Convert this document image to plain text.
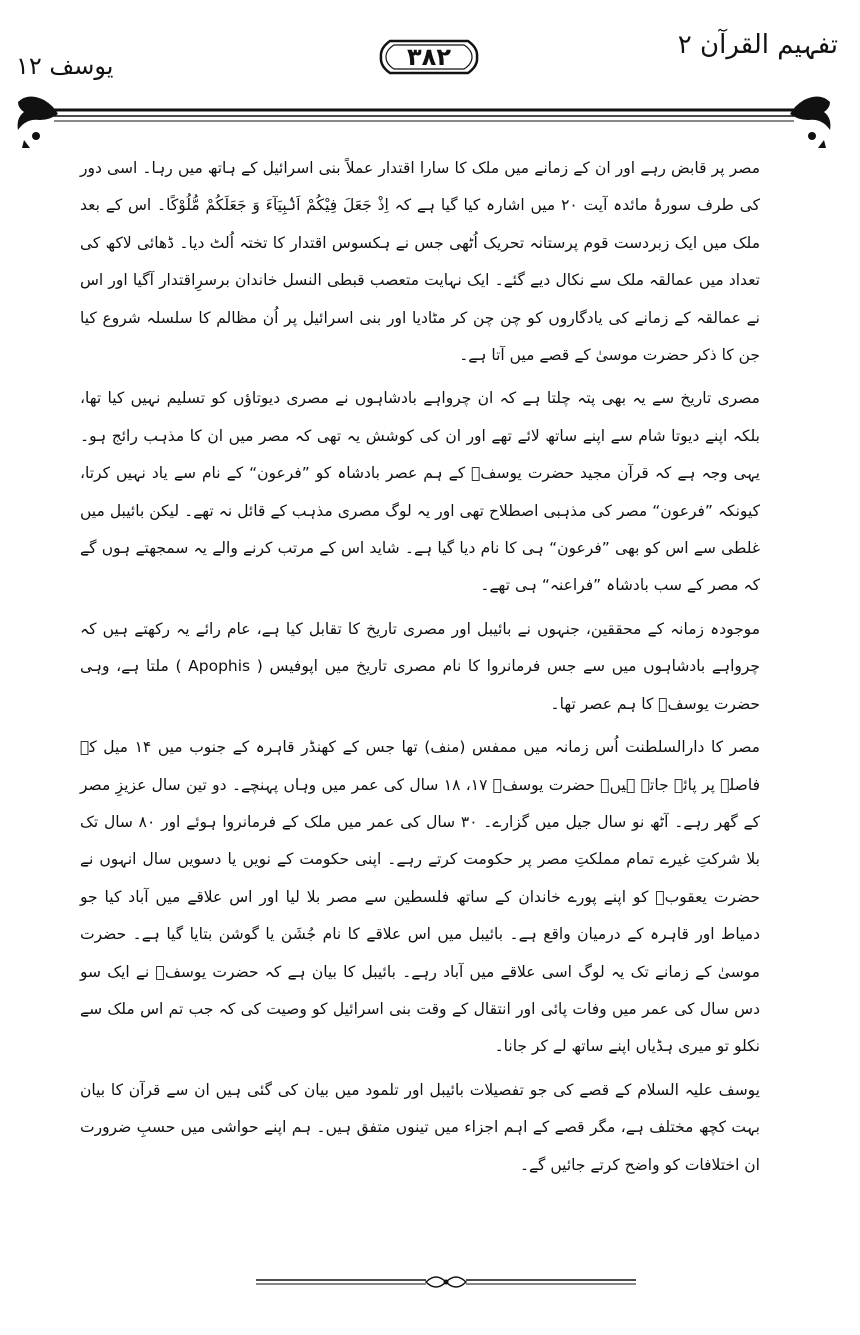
تفہیم القرآن ۲
یوسف ۱۲	۳۸۲

مصر پر قابض رہے اور ان کے زمانے میں ملک کا سارا اقتدار عملاً بنی اسرائیل کے ہاتھ میں رہا۔ اسی دور کی طرف سورۂ مائدہ آیت ۲۰ میں اشارہ کیا گیا ہے کہ اِذْ جَعَلَ فِیْكُمْ اَنْۢبِیَآءَ وَ جَعَلَكُمْ مُّلُوْكًا۔ اس کے بعد ملک میں ایک زبردست قوم پرستانہ تحریک اُٹھی جس نے ہکسوس اقتدار کا تختہ اُلٹ دیا۔ ڈھائی لاکھ کی تعداد میں عمالقہ ملک سے نکال دیے گئے۔ ایک نہایت متعصب قبطی النسل خاندان برسرِاقتدار آگیا اور اس نے عمالقہ کے زمانے کی یادگاروں کو چن چن کر مٹادیا اور بنی اسرائیل پر اُن مظالم کا سلسلہ شروع کیا جن کا ذکر حضرت موسیٰ کے قصے میں آتا ہے۔

مصری تاریخ سے یہ بھی پتہ چلتا ہے کہ ان چرواہے بادشاہوں نے مصری دیوتاؤں کو تسلیم نہیں کیا تھا، بلکہ اپنے دیوتا شام سے اپنے ساتھ لائے تھے اور ان کی کوشش یہ تھی کہ مصر میں ان کا مذہب رائج ہو۔ یہی وجہ ہے کہ قرآن مجید حضرت یوسفؑ کے ہم عصر بادشاہ کو ”فرعون“ کے نام سے یاد نہیں کرتا، کیونکہ ”فرعون“ مصر کی مذہبی اصطلاح تھی اور یہ لوگ مصری مذہب کے قائل نہ تھے۔ لیکن بائیبل میں غلطی سے اس کو بھی ”فرعون“ ہی کا نام دیا گیا ہے۔ شاید اس کے مرتب کرنے والے یہ سمجھتے ہوں گے کہ مصر کے سب بادشاہ ”فراعنہ“ ہی تھے۔

موجودہ زمانہ کے محققین، جنہوں نے بائیبل اور مصری تاریخ کا تقابل کیا ہے، عام رائے یہ رکھتے ہیں کہ چرواہے بادشاہوں میں سے جس فرمانروا کا نام مصری تاریخ میں اپوفیس ( Apophis ) ملتا ہے، وہی حضرت یوسفؑ کا ہم عصر تھا۔

مصر کا دارالسلطنت اُس زمانہ میں ممفس (منف) تھا جس کے کھنڈر قاہرہ کے جنوب میں ۱۴ میل کے فاصلے پر پائے جاتے ہیں۔ حضرت یوسفؑ ۱۷، ۱۸ سال کی عمر میں وہاں پہنچے۔ دو تین سال عزیزِ مصر کے گھر رہے۔ آٹھ نو سال جیل میں گزارے۔ ۳۰ سال کی عمر میں ملک کے فرمانروا ہوئے اور ۸۰ سال تک بلا شرکتِ غیرے تمام مملکتِ مصر پر حکومت کرتے رہے۔ اپنی حکومت کے نویں یا دسویں سال انہوں نے حضرت یعقوبؑ کو اپنے پورے خاندان کے ساتھ فلسطین سے مصر بلا لیا اور اس علاقے میں آباد کیا جو دمیاط اور قاہرہ کے درمیان واقع ہے۔ بائیبل میں اس علاقے کا نام جُشَن یا گوشن بتایا گیا ہے۔ حضرت موسیٰ کے زمانے تک یہ لوگ اسی علاقے میں آباد رہے۔ بائیبل کا بیان ہے کہ حضرت یوسفؑ نے ایک سو دس سال کی عمر میں وفات پائی اور انتقال کے وقت بنی اسرائیل کو وصیت کی کہ جب تم اس ملک سے نکلو تو میری ہڈیاں اپنے ساتھ لے کر جانا۔

یوسف علیہ السلام کے قصے کی جو تفصیلات بائیبل اور تلمود میں بیان کی گئی ہیں ان سے قرآن کا بیان بہت کچھ مختلف ہے، مگر قصے کے اہم اجزاء میں تینوں متفق ہیں۔ ہم اپنے حواشی میں حسبِ ضرورت ان اختلافات کو واضح کرتے جائیں گے۔
